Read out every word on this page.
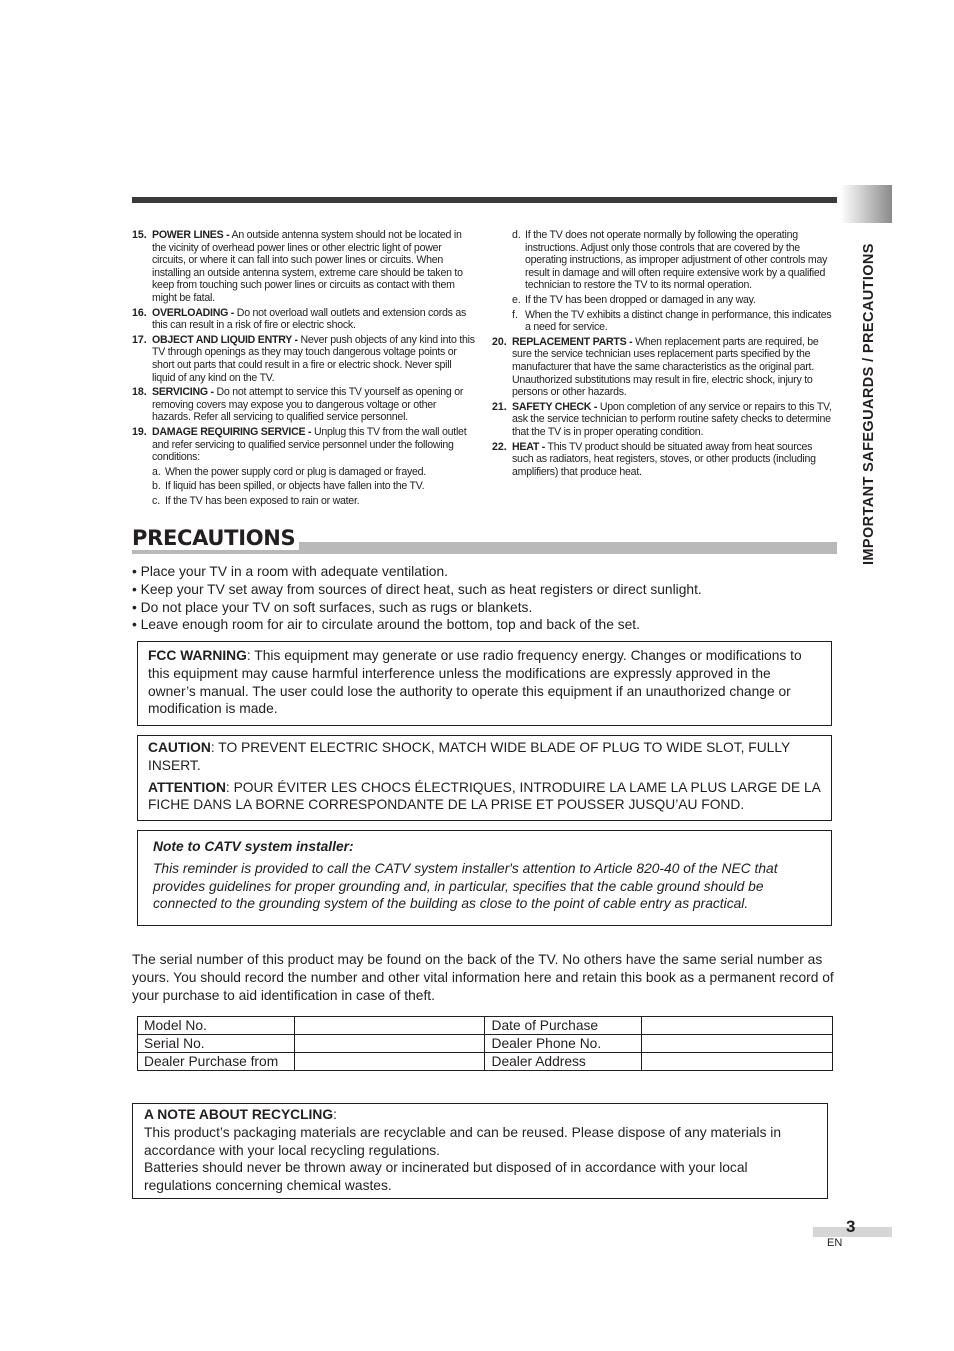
IMPORTANT SAFEGUARDS / PRECAUTIONS
15. POWER LINES - An outside antenna system should not be located in the vicinity of overhead power lines or other electric light of power circuits, or where it can fall into such power lines or circuits. When installing an outside antenna system, extreme care should be taken to keep from touching such power lines or circuits as contact with them might be fatal.
16. OVERLOADING - Do not overload wall outlets and extension cords as this can result in a risk of fire or electric shock.
17. OBJECT AND LIQUID ENTRY - Never push objects of any kind into this TV through openings as they may touch dangerous voltage points or short out parts that could result in a fire or electric shock. Never spill liquid of any kind on the TV.
18. SERVICING - Do not attempt to service this TV yourself as opening or removing covers may expose you to dangerous voltage or other hazards. Refer all servicing to qualified service personnel.
19. DAMAGE REQUIRING SERVICE - Unplug this TV from the wall outlet and refer servicing to qualified service personnel under the following conditions:
a. When the power supply cord or plug is damaged or frayed.
b. If liquid has been spilled, or objects have fallen into the TV.
c. If the TV has been exposed to rain or water.
d. If the TV does not operate normally by following the operating instructions. Adjust only those controls that are covered by the operating instructions, as improper adjustment of other controls may result in damage and will often require extensive work by a qualified technician to restore the TV to its normal operation.
e. If the TV has been dropped or damaged in any way.
f. When the TV exhibits a distinct change in performance, this indicates a need for service.
20. REPLACEMENT PARTS - When replacement parts are required, be sure the service technician uses replacement parts specified by the manufacturer that have the same characteristics as the original part. Unauthorized substitutions may result in fire, electric shock, injury to persons or other hazards.
21. SAFETY CHECK - Upon completion of any service or repairs to this TV, ask the service technician to perform routine safety checks to determine that the TV is in proper operating condition.
22. HEAT - This TV product should be situated away from heat sources such as radiators, heat registers, stoves, or other products (including amplifiers) that produce heat.
PRECAUTIONS
• Place your TV in a room with adequate ventilation.
• Keep your TV set away from sources of direct heat, such as heat registers or direct sunlight.
• Do not place your TV on soft surfaces, such as rugs or blankets.
• Leave enough room for air to circulate around the bottom, top and back of the set.
FCC WARNING: This equipment may generate or use radio frequency energy. Changes or modifications to this equipment may cause harmful interference unless the modifications are expressly approved in the owner’s manual. The user could lose the authority to operate this equipment if an unauthorized change or modification is made.

CAUTION: TO PREVENT ELECTRIC SHOCK, MATCH WIDE BLADE OF PLUG TO WIDE SLOT, FULLY INSERT.

ATTENTION: POUR ÉVITER LES CHOCS ÉLECTRIQUES, INTRODUIRE LA LAME LA PLUS LARGE DE LA FICHE DANS LA BORNE CORRESPONDANTE DE LA PRISE ET POUSSER JUSQU’AU FOND.

Note to CATV system installer:
This reminder is provided to call the CATV system installer's attention to Article 820-40 of the NEC that provides guidelines for proper grounding and, in particular, specifies that the cable ground should be connected to the grounding system of the building as close to the point of cable entry as practical.
The serial number of this product may be found on the back of the TV. No others have the same serial number as yours. You should record the number and other vital information here and retain this book as a permanent record of your purchase to aid identification in case of theft.
Model No.		Date of Purchase	
Serial No.		Dealer Phone No.	
Dealer Purchase from		Dealer Address	
A NOTE ABOUT RECYCLING:
This product’s packaging materials are recyclable and can be reused. Please dispose of any materials in accordance with your local recycling regulations.
Batteries should never be thrown away or incinerated but disposed of in accordance with your local regulations concerning chemical wastes.
3
EN
